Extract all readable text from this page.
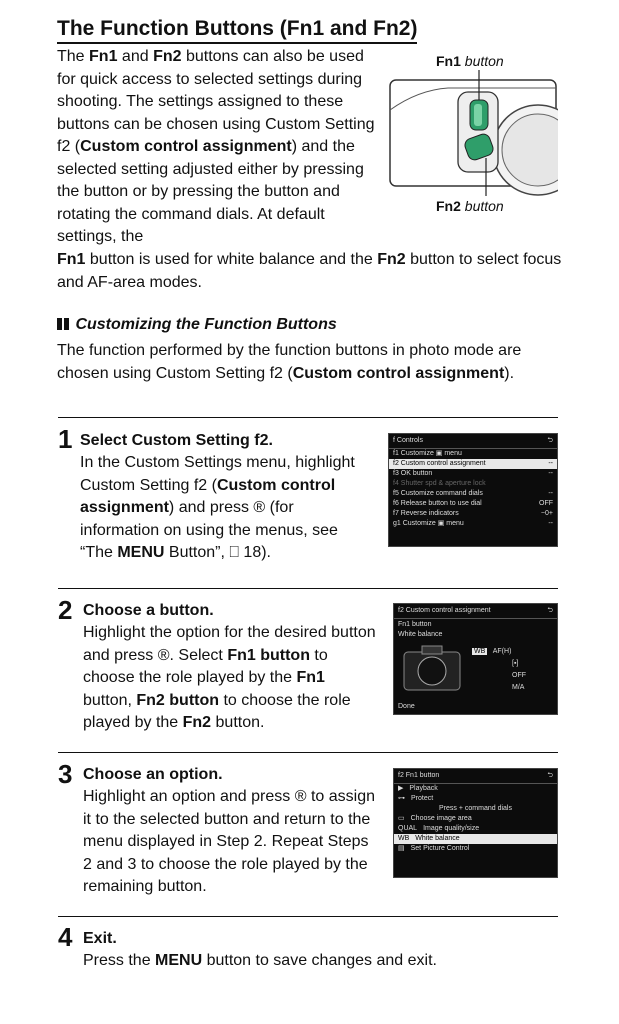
The Function Buttons (Fn1 and Fn2)
The Fn1 and Fn2 buttons can also be used for quick access to selected settings during shooting. The settings assigned to these buttons can be chosen using Custom Setting f2 (Custom control assignment) and the selected setting adjusted either by pressing the button or by pressing the button and rotating the command dials. At default settings, the
Fn1 button is used for white balance and the Fn2 button to select focus and AF-area modes.
Fn1 button
Fn2 button
Customizing the Function Buttons
The function performed by the function buttons in photo mode are chosen using Custom Setting f2 (Custom control assignment).
1 Select Custom Setting f2.
In the Custom Settings menu, highlight Custom Setting f2 (Custom control assignment) and press ® (for information on using the menus, see “The MENU Button”, ⎕ 18).
f Controls	⮌
f1 Customize ▣ menu
f2 Custom control assignment	--
f3 OK button	--
f4 Shutter spd & aperture lock
f5 Customize command dials	--
f6 Release button to use dial	OFF
f7 Reverse indicators	−0+
g1 Customize ▣ menu	--
2 Choose a button.
Highlight the option for the desired button and press ®. Select Fn1 button to choose the role played by the Fn1 button, Fn2 button to choose the role played by the Fn2 button.
f2 Custom control assignment	⮌
Fn1 button
White balance
WB AF(H)
[▪]
OFF
M/A
Done
3 Choose an option.
Highlight an option and press ® to assign it to the selected button and return to the menu displayed in Step 2. Repeat Steps 2 and 3 to choose the role played by the remaining button.
f2 Fn1 button	⮌
▶ Playback
⊶ Protect
Press + command dials
▭ Choose image area
QUAL Image quality/size
WB White balance
▤ Set Picture Control
4 Exit.
Press the MENU button to save changes and exit.
